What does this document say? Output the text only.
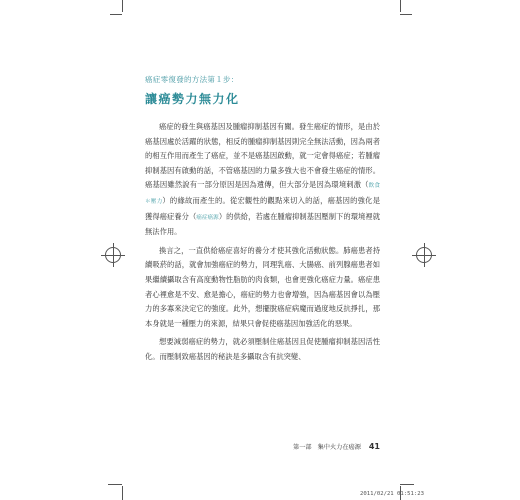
癌症零復發的方法第１步：
讓癌勢力無力化

癌症的發生與癌基因及腫瘤抑制基因有關。發生癌症的情形，是由於癌基因處於活躍的狀態，相反的腫瘤抑制基因則完全無法活動，因為兩者的相互作用而產生了癌症，並不是癌基因啟動，就一定會得癌症；若腫瘤抑制基因有啟動的話，不管癌基因的力量多強大也不會發生癌症的情形。癌基因雖然說有一部分原因是因為遺傳，但大部分是因為環境刺激（飲食＊壓力）的緣故而產生的。從宏觀性的觀點來切入的話，癌基因的強化是獲得癌症養分（癌症癌源）的供給，若處在腫瘤抑制基因壓制下的環境裡就無法作用。

換言之，一直供給癌症喜好的養分才使其強化活動狀態。肺癌患者持續吸菸的話，就會加強癌症的勢力，同理乳癌、大腸癌、前列腺癌患者如果繼續攝取含有高度動物性脂肪的肉食類，也會更強化癌症力量。癌症患者心裡愈是不安、愈是擔心，癌症的勢力也會增強，因為癌基因會以為壓力的多寡來決定它的強度。此外，想擺脫癌症病魔而過度地反抗掙扎，那本身就是一種壓力的來源，結果只會促使癌基因加強活化的惡果。

想要減弱癌症的勢力，就必須壓制住癌基因且促使腫瘤抑制基因活性化。而壓制致癌基因的秘訣是多攝取含有抗突變、

第一部 集中火力在癌源 41
2011/02/21 01:51:23
